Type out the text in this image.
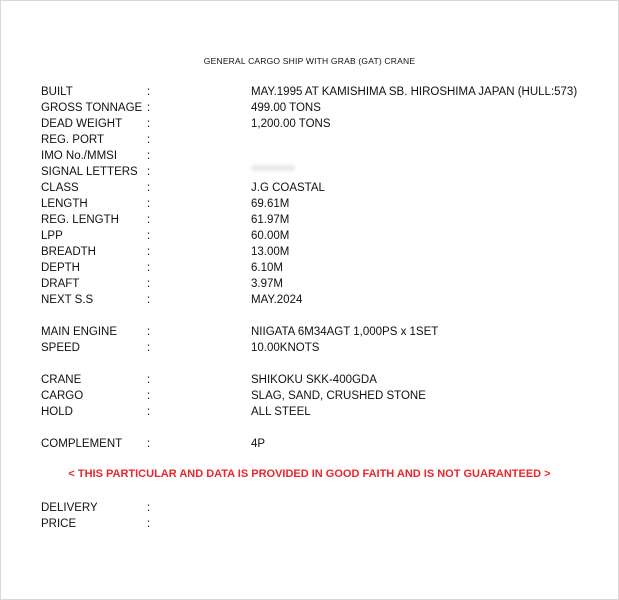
GENERAL CARGO SHIP WITH GRAB (GAT) CRANE
BUILT	:	MAY.1995 AT KAMISHIMA SB. HIROSHIMA JAPAN (HULL:573)
GROSS TONNAGE :	499.00 TONS
DEAD WEIGHT :	1,200.00 TONS
REG. PORT	:
IMO No./MMSI	:
SIGNAL LETTERS :
CLASS	:	J.G COASTAL
LENGTH	:	69.61M
REG. LENGTH :	61.97M
LPP	:	60.00M
BREADTH	:	13.00M
DEPTH	:	6.10M
DRAFT	:	3.97M
NEXT S.S	:	MAY.2024
MAIN ENGINE	:	NIIGATA 6M34AGT 1,000PS x 1SET
SPEED	:	10.00KNOTS
CRANE	:	SHIKOKU SKK-400GDA
CARGO	:	SLAG, SAND, CRUSHED STONE
HOLD	:	ALL STEEL
COMPLEMENT :	4P
< THIS PARTICULAR AND DATA IS PROVIDED IN GOOD FAITH AND IS NOT GUARANTEED >
DELIVERY	:
PRICE	:
